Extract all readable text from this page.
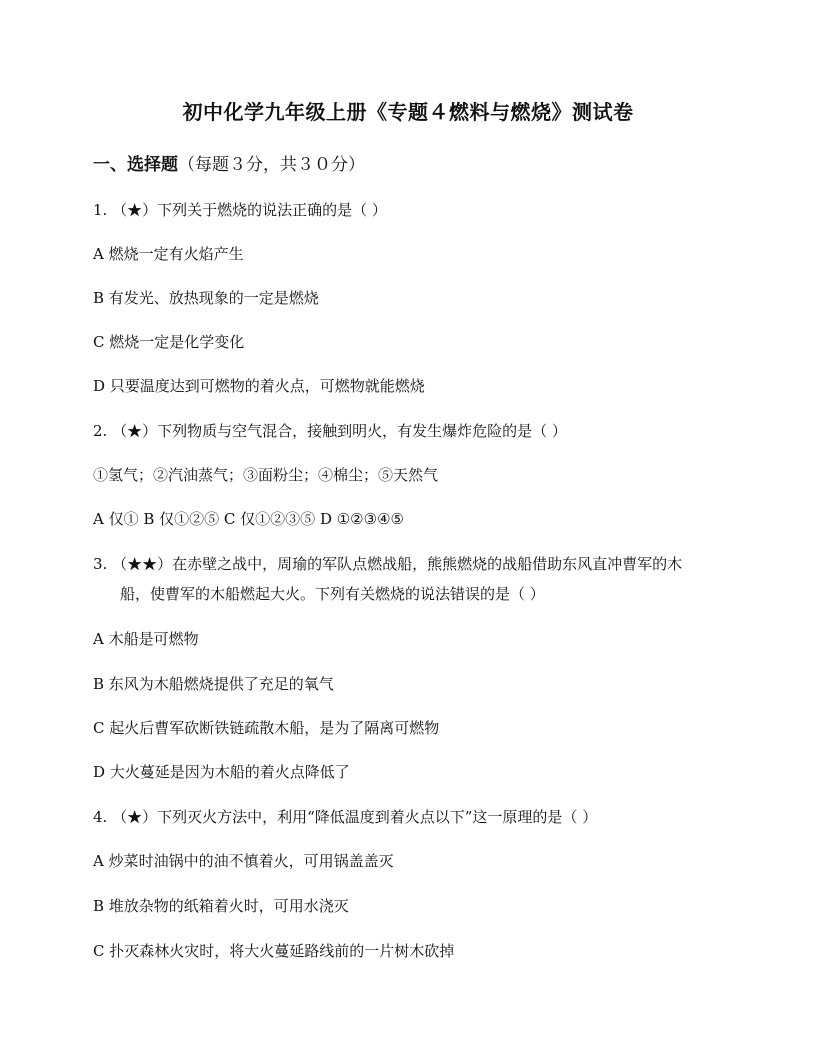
初中化学九年级上册《专题４燃料与燃烧》测试卷
一、选择题（每题３分，共３０分）
1. （★）下列关于燃烧的说法正确的是（ ）
A 燃烧一定有火焰产生
B 有发光、放热现象的一定是燃烧
C 燃烧一定是化学变化
D 只要温度达到可燃物的着火点，可燃物就能燃烧
2. （★）下列物质与空气混合，接触到明火，有发生爆炸危险的是（ ）
①氢气；②汽油蒸气；③面粉尘；④棉尘；⑤天然气
A 仅① B 仅①②⑤ C 仅①②③⑤ D ①②③④⑤
3. （★★）在赤壁之战中，周瑜的军队点燃战船，熊熊燃烧的战船借助东风直冲曹军的木
船，使曹军的木船燃起大火。下列有关燃烧的说法错误的是（ ）
A 木船是可燃物
B 东风为木船燃烧提供了充足的氧气
C 起火后曹军砍断铁链疏散木船，是为了隔离可燃物
D 大火蔓延是因为木船的着火点降低了
4. （★）下列灭火方法中，利用“降低温度到着火点以下”这一原理的是（ ）
A 炒菜时油锅中的油不慎着火，可用锅盖盖灭
B 堆放杂物的纸箱着火时，可用水浇灭
C 扑灭森林火灾时，将大火蔓延路线前的一片树木砍掉
